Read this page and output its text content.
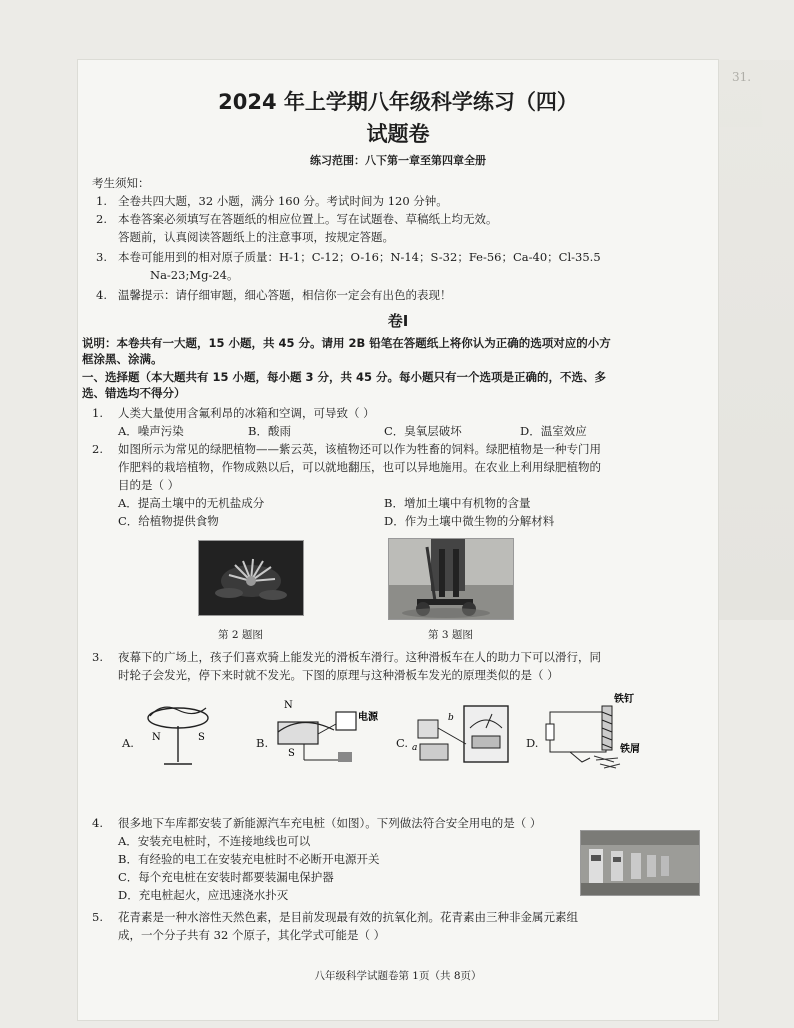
31.
2024 年上学期八年级科学练习（四）
试题卷
练习范围：八下第一章至第四章全册
考生须知：
1. 全卷共四大题，32 小题，满分 160 分。考试时间为 120 分钟。
2. 本卷答案必须填写在答题纸的相应位置上。写在试题卷、草稿纸上均无效。
答题前，认真阅读答题纸上的注意事项，按规定答题。
3. 本卷可能用到的相对原子质量：H-1；C-12；O-16；N-14；S-32；Fe-56；Ca-40；Cl-35.5
Na-23;Mg-24。
4. 温馨提示：请仔细审题，细心答题，相信你一定会有出色的表现！
卷Ⅰ
说明：本卷共有一大题，15 小题，共 45 分。请用 2B 铅笔在答题纸上将你认为正确的选项对应的小方
框涂黑、涂满。
一、选择题（本大题共有 15 小题，每小题 3 分，共 45 分。每小题只有一个选项是正确的，不选、多
选、错选均不得分）
1. 人类大量使用含氟利昂的冰箱和空调，可导致（ ）
A．噪声污染	B．酸雨	C．臭氧层破坏	D．温室效应
2. 如图所示为常见的绿肥植物——紫云英，该植物还可以作为牲畜的饲料。绿肥植物是一种专门用
作肥料的栽培植物，作物成熟以后，可以就地翻压，也可以异地施用。在农业上利用绿肥植物的
目的是（ ）
A．提高土壤中的无机盐成分	B．增加土壤中有机物的含量
C．给植物提供食物	D．作为土壤中微生物的分解材料
第 2 题图	第 3 题图
3. 夜幕下的广场上，孩子们喜欢骑上能发光的滑板车滑行。这种滑板车在人的助力下可以滑行，同
时轮子会发光，停下来时就不发光。下图的原理与这种滑板车发光的原理类似的是（ ）
A. N	S	B.
N
S
电源
C. a
b
D.
铁钉
铁屑
4. 很多地下车库都安装了新能源汽车充电桩（如图）。下列做法符合安全用电的是（ ）
A．安装充电桩时，不连接地线也可以
B．有经验的电工在安装充电桩时不必断开电源开关
C．每个充电桩在安装时都要装漏电保护器
D．充电桩起火，应迅速浇水扑灭
5. 花青素是一种水溶性天然色素，是目前发现最有效的抗氧化剂。花青素由三种非金属元素组
成，一个分子共有 32 个原子，其化学式可能是（ ）
八年级科学试题卷第 1页（共 8页）
